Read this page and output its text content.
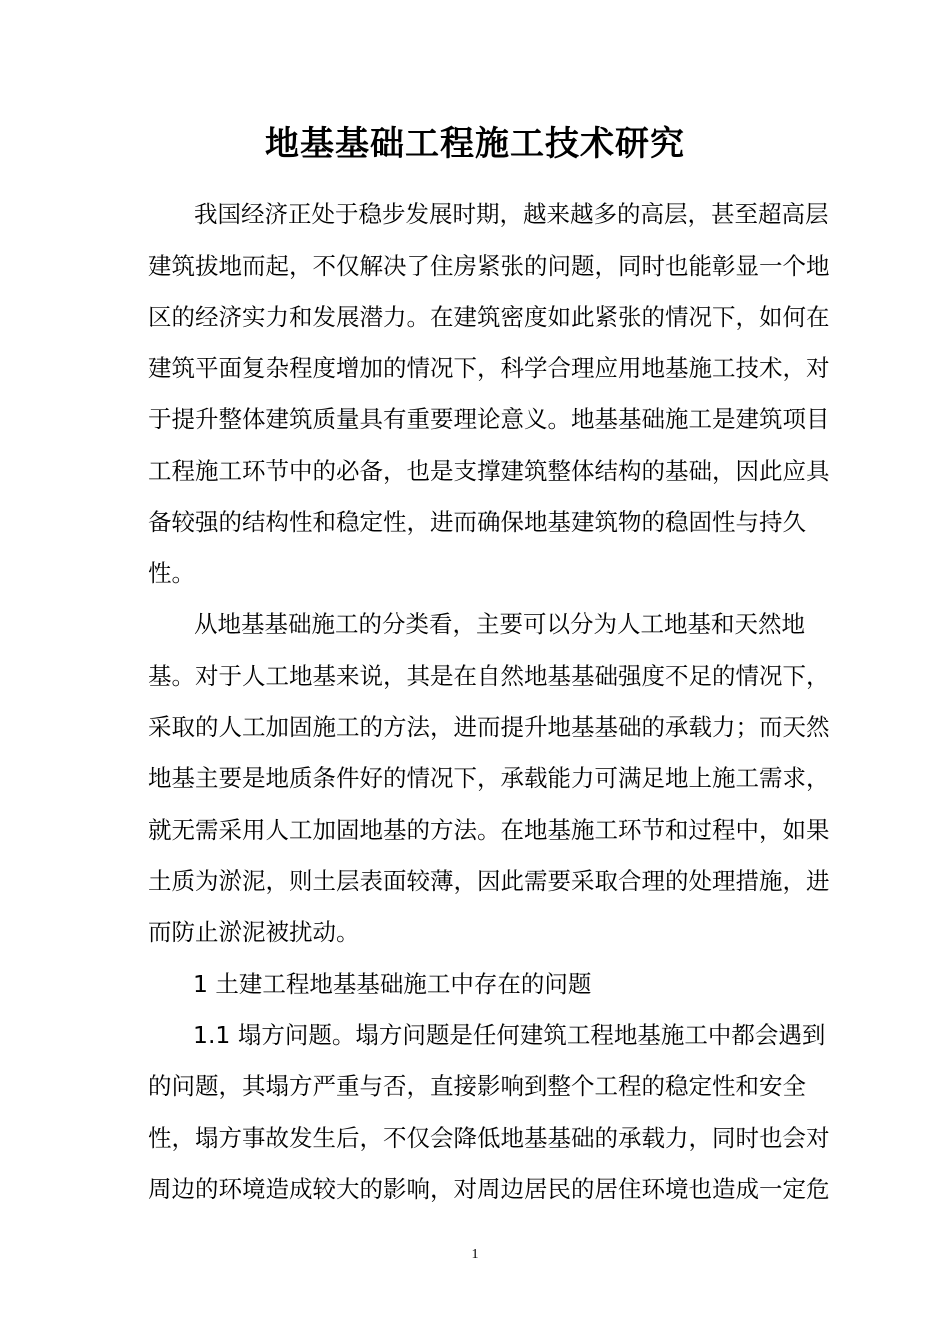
地基基础工程施工技术研究
我国经济正处于稳步发展时期，越来越多的高层，甚至超高层
建筑拔地而起，不仅解决了住房紧张的问题，同时也能彰显一个地
区的经济实力和发展潜力。在建筑密度如此紧张的情况下，如何在
建筑平面复杂程度增加的情况下，科学合理应用地基施工技术，对
于提升整体建筑质量具有重要理论意义。地基基础施工是建筑项目
工程施工环节中的必备，也是支撑建筑整体结构的基础，因此应具
备较强的结构性和稳定性，进而确保地基建筑物的稳固性与持久
性。
从地基基础施工的分类看，主要可以分为人工地基和天然地
基。对于人工地基来说，其是在自然地基基础强度不足的情况下，
采取的人工加固施工的方法，进而提升地基基础的承载力；而天然
地基主要是地质条件好的情况下，承载能力可满足地上施工需求，
就无需采用人工加固地基的方法。在地基施工环节和过程中，如果
土质为淤泥，则土层表面较薄，因此需要采取合理的处理措施，进
而防止淤泥被扰动。
1 土建工程地基基础施工中存在的问题
1.1 塌方问题。塌方问题是任何建筑工程地基施工中都会遇到
的问题，其塌方严重与否，直接影响到整个工程的稳定性和安全
性，塌方事故发生后，不仅会降低地基基础的承载力，同时也会对
周边的环境造成较大的影响，对周边居民的居住环境也造成一定危
1
